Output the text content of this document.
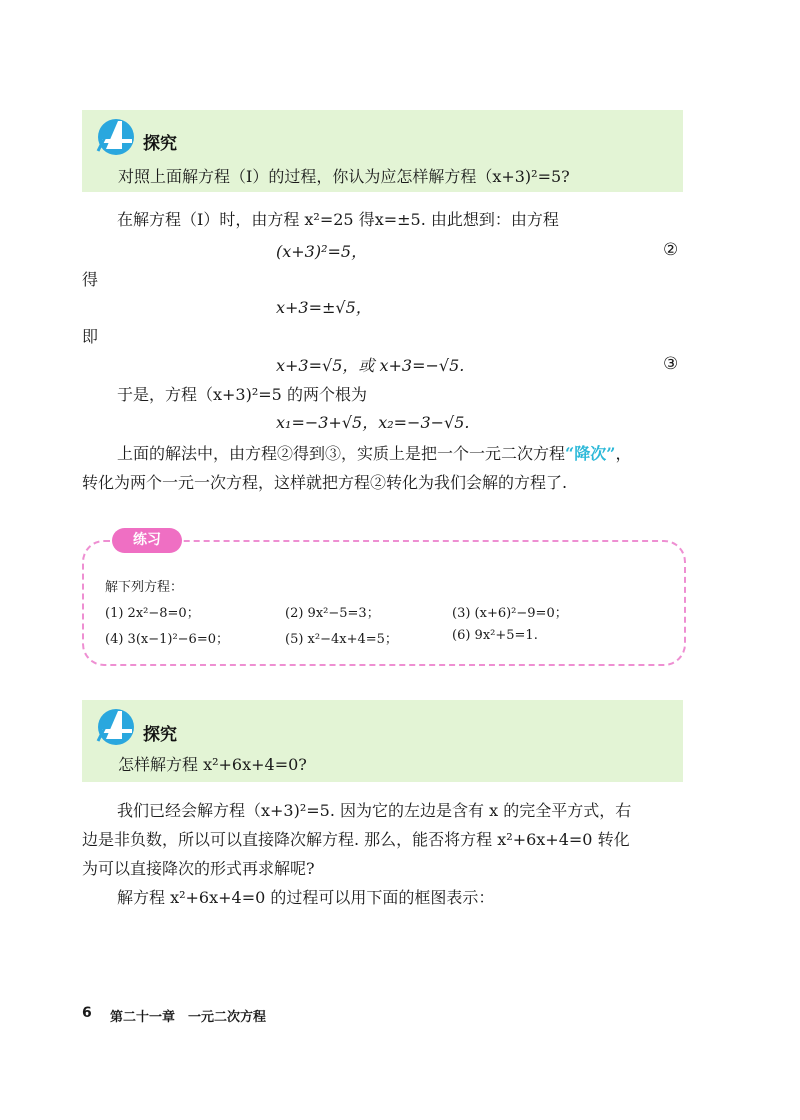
探究
对照上面解方程（Ⅰ）的过程，你认为应怎样解方程（x+3)²=5?
在解方程（Ⅰ）时，由方程 x²=25 得x=±5. 由此想到：由方程
(x+3)²=5，	②
得
x+3=±√5，
即
x+3=√5，或 x+3=−√5.	③
于是，方程（x+3)²=5 的两个根为
x₁=−3+√5，x₂=−3−√5.
上面的解法中，由方程②得到③，实质上是把一个一元二次方程“降次”，
转化为两个一元一次方程，这样就把方程②转化为我们会解的方程了.
练习
解下列方程：
(1) 2x²−8=0；	(2) 9x²−5=3；	(3) (x+6)²−9=0；
(4) 3(x−1)²−6=0；	(5) x²−4x+4=5；	(6) 9x²+5=1.
探究
怎样解方程 x²+6x+4=0?
我们已经会解方程（x+3)²=5. 因为它的左边是含有 x 的完全平方式，右
边是非负数，所以可以直接降次解方程. 那么，能否将方程 x²+6x+4=0 转化
为可以直接降次的形式再求解呢?
解方程 x²+6x+4=0 的过程可以用下面的框图表示：
6 第二十一章　一元二次方程
